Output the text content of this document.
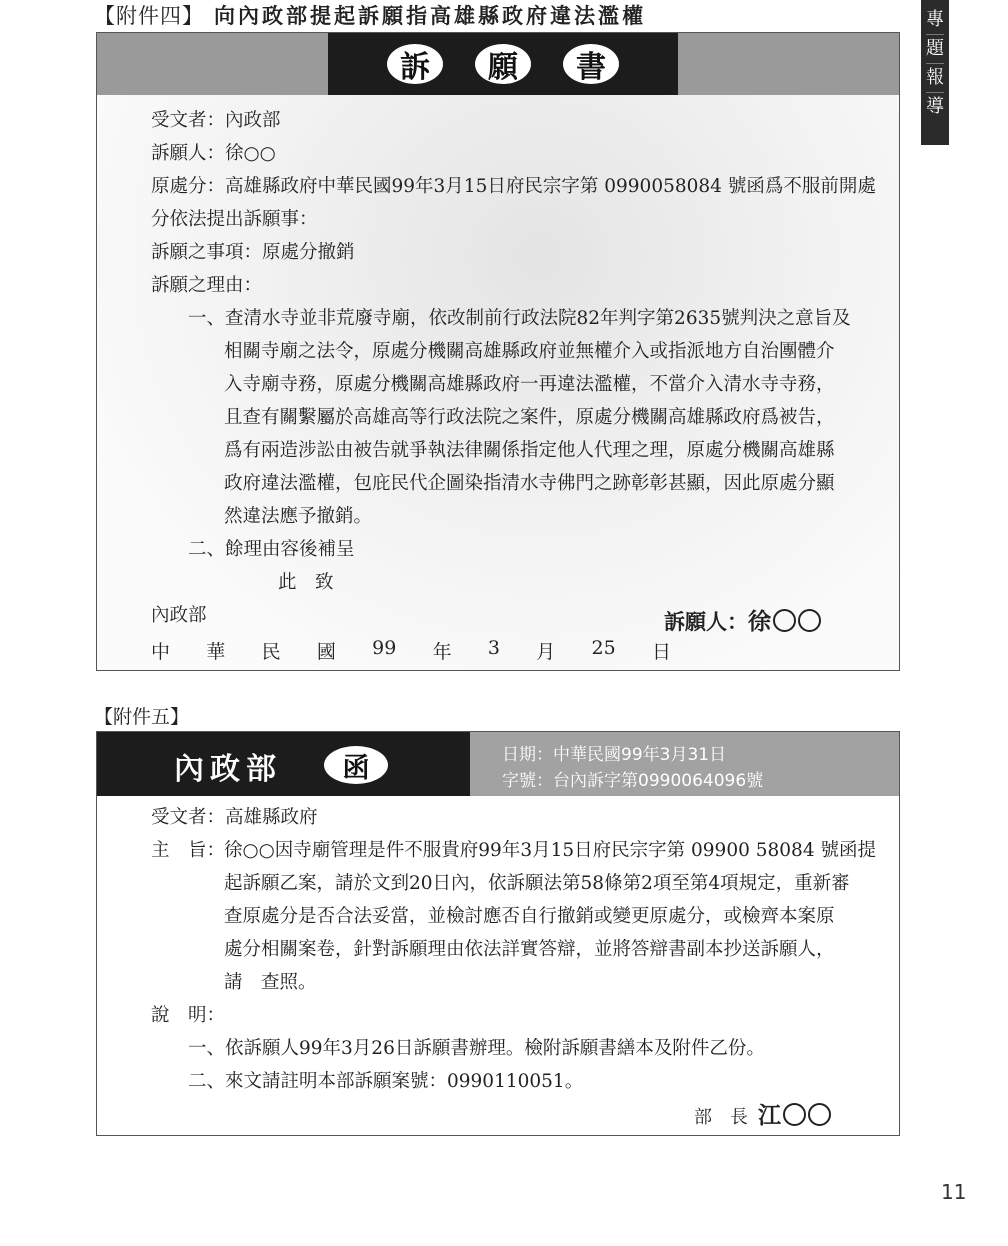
【附件四】 向內政部提起訴願指高雄縣政府違法濫權	專
題
報
導
訴	願	書
受文者：內政部
訴願人：徐○○
原處分：高雄縣政府中華民國99年3月15日府民宗字第 0990058084 號函爲不服前開處
分依法提出訴願事：
訴願之事項：原處分撤銷
訴願之理由：
一、查清水寺並非荒廢寺廟，依改制前行政法院82年判字第2635號判決之意旨及
相關寺廟之法令，原處分機關高雄縣政府並無權介入或指派地方自治團體介
入寺廟寺務，原處分機關高雄縣政府一再違法濫權，不當介入清水寺寺務，
且查有關繫屬於高雄高等行政法院之案件，原處分機關高雄縣政府爲被告，
爲有兩造涉訟由被告就爭執法律關係指定他人代理之理，原處分機關高雄縣
政府違法濫權，包庇民代企圖染指清水寺佛門之跡彰彰甚顯，因此原處分顯
然違法應予撤銷。
二、餘理由容後補呈
此　致
內政部	訴願人：徐
中 華 民 國 99 年 3 月 25 日
【附件五】
內政部	函	日期：中華民國99年3月31日
字號：台內訴字第0990064096號
受文者：高雄縣政府
主　旨：
徐○○因寺廟管理是件不服貴府99年3月15日府民宗字第 09900 58084 號函提
起訴願乙案，請於文到20日內，依訴願法第58條第2項至第4項規定，重新審
查原處分是否合法妥當，並檢討應否自行撤銷或變更原處分，或檢齊本案原
處分相關案卷，針對訴願理由依法詳實答辯，並將答辯書副本抄送訴願人，
請　查照。
說　明：
一、依訴願人99年3月26日訴願書辦理。檢附訴願書繕本及附件乙份。
二、來文請註明本部訴願案號：0990110051。
部　長 江
11
